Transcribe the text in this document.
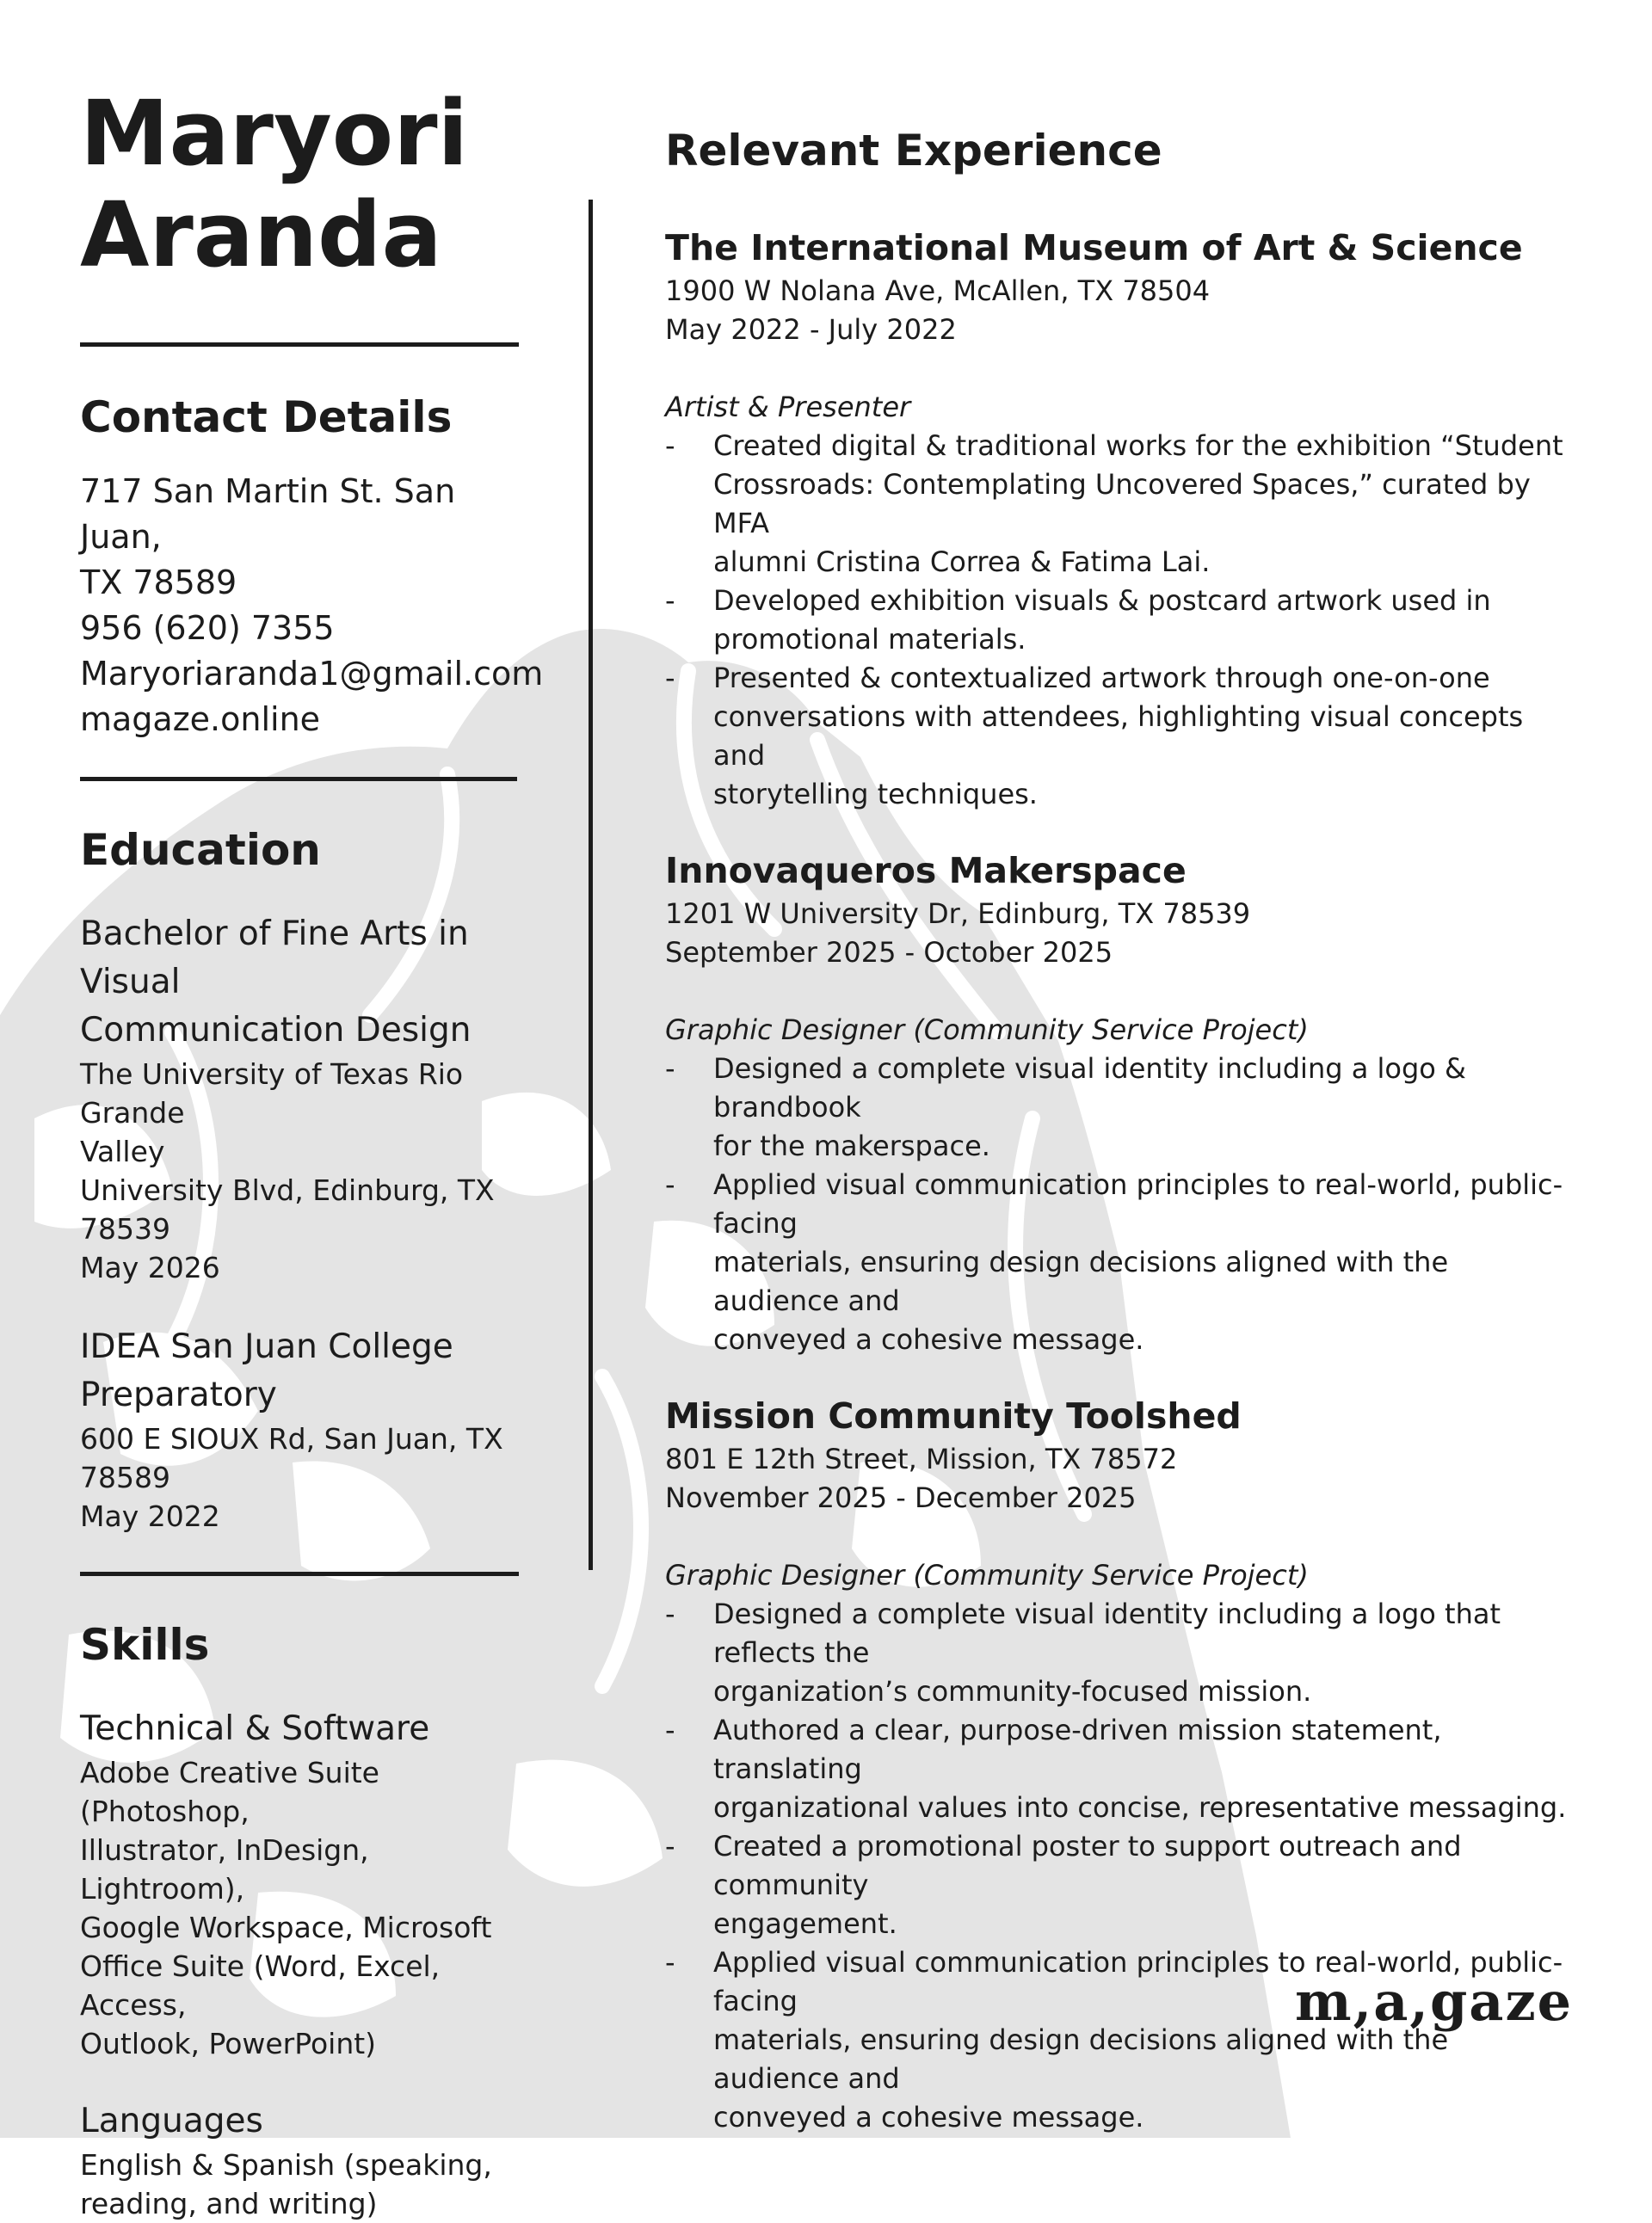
Maryori
Aranda
Contact Details

717 San Martin St. San Juan,

TX 78589

956 (620) 7355

Maryoriaranda1@gmail.com

magaze.online

Education

Bachelor of Fine Arts in Visual

Communication Design

The University of Texas Rio Grande

Valley

University Blvd, Edinburg, TX 78539

May 2026

IDEA San Juan College

Preparatory

600 E SIOUX Rd, San Juan, TX

78589

May 2022

Skills

Technical & Software

Adobe Creative Suite (Photoshop,

Illustrator, InDesign, Lightroom),

Google Workspace, Microsoft

Office Suite (Word, Excel, Access,

Outlook, PowerPoint)

Languages

English & Spanish (speaking,

reading, and writing)

Relevant Experience

The International Museum of Art & Science

1900 W Nolana Ave, McAllen, TX 78504

May 2022 - July 2022

Artist & Presenter

- Created digital & traditional works for the exhibition “Student
Crossroads: Contemplating Uncovered Spaces,” curated by MFA
alumni Cristina Correa & Fatima Lai.
- Developed exhibition visuals & postcard artwork used in
promotional materials.
- Presented & contextualized artwork through one-on-one
conversations with attendees, highlighting visual concepts and
storytelling techniques.

Innovaqueros Makerspace

1201 W University Dr, Edinburg, TX 78539

September 2025 - October 2025

Graphic Designer (Community Service Project)

- Designed a complete visual identity including a logo & brandbook
for the makerspace.
- Applied visual communication principles to real-world, public-facing
materials, ensuring design decisions aligned with the audience and
conveyed a cohesive message.

Mission Community Toolshed

801 E 12th Street, Mission, TX 78572

November 2025 - December 2025

Graphic Designer (Community Service Project)

- Designed a complete visual identity including a logo that reflects the
organization’s community-focused mission.
- Authored a clear, purpose-driven mission statement, translating
organizational values into concise, representative messaging.
- Created a promotional poster to support outreach and community
engagement.
- Applied visual communication principles to real-world, public-facing
materials, ensuring design decisions aligned with the audience and
conveyed a cohesive message.
m,a,gaze
